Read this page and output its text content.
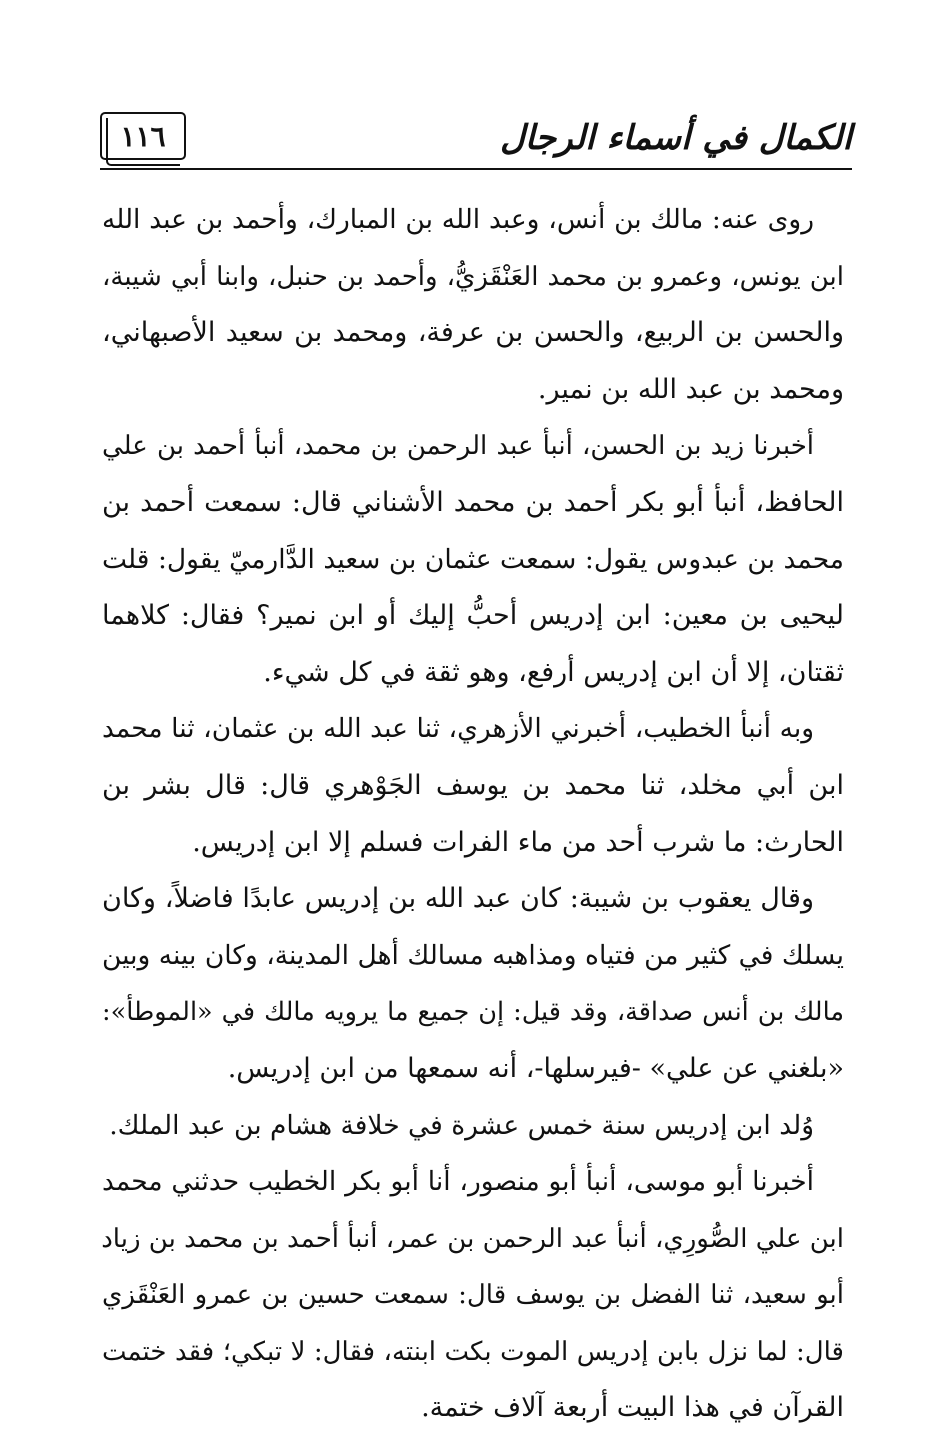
١١٦	الكمال في أسماء الرجال
روى عنه: مالك بن أنس، وعبد الله بن المبارك، وأحمد بن عبد الله
ابن يونس، وعمرو بن محمد العَنْقَزيُّ، وأحمد بن حنبل، وابنا أبي شيبة،
والحسن بن الربيع، والحسن بن عرفة، ومحمد بن سعيد الأصبهاني،
ومحمد بن عبد الله بن نمير.
أخبرنا زيد بن الحسن، أنبأ عبد الرحمن بن محمد، أنبأ أحمد بن علي
الحافظ، أنبأ أبو بكر أحمد بن محمد الأشناني قال: سمعت أحمد بن
محمد بن عبدوس يقول: سمعت عثمان بن سعيد الدَّارميّ يقول: قلت
ليحيى بن معين: ابن إدريس أحبُّ إليك أو ابن نمير؟ فقال: كلاهما
ثقتان، إلا أن ابن إدريس أرفع، وهو ثقة في كل شيء.
وبه أنبأ الخطيب، أخبرني الأزهري، ثنا عبد الله بن عثمان، ثنا محمد
ابن أبي مخلد، ثنا محمد بن يوسف الجَوْهري قال: قال بشر بن
الحارث: ما شرب أحد من ماء الفرات فسلم إلا ابن إدريس.
وقال يعقوب بن شيبة: كان عبد الله بن إدريس عابدًا فاضلاً، وكان
يسلك في كثير من فتياه ومذاهبه مسالك أهل المدينة، وكان بينه وبين
مالك بن أنس صداقة، وقد قيل: إن جميع ما يرويه مالك في «الموطأ»:
«بلغني عن علي» -فيرسلها-، أنه سمعها من ابن إدريس.
وُلد ابن إدريس سنة خمس عشرة في خلافة هشام بن عبد الملك.
أخبرنا أبو موسى، أنبأ أبو منصور، أنا أبو بكر الخطيب حدثني محمد
ابن علي الصُّورِي، أنبأ عبد الرحمن بن عمر، أنبأ أحمد بن محمد بن زياد
أبو سعيد، ثنا الفضل بن يوسف قال: سمعت حسين بن عمرو العَنْقَزي
قال: لما نزل بابن إدريس الموت بكت ابنته، فقال: لا تبكي؛ فقد ختمت
القرآن في هذا البيت أربعة آلاف ختمة.
